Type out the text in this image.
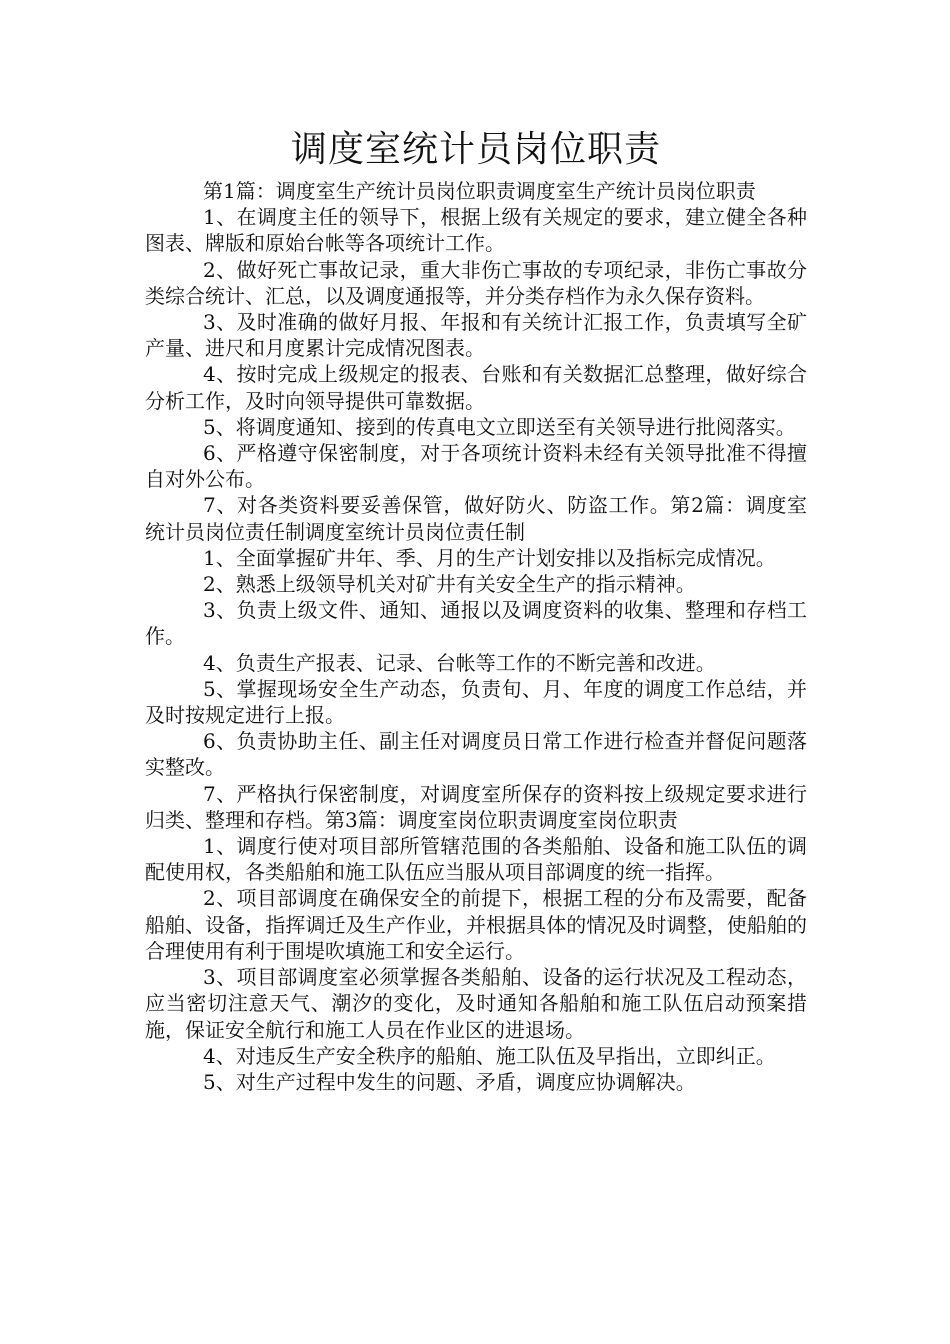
调度室统计员岗位职责

第1篇：调度室生产统计员岗位职责调度室生产统计员岗位职责

1、在调度主任的领导下，根据上级有关规定的要求，建立健全各种图表、牌版和原始台帐等各项统计工作。

2、做好死亡事故记录，重大非伤亡事故的专项纪录，非伤亡事故分类综合统计、汇总，以及调度通报等，并分类存档作为永久保存资料。

3、及时准确的做好月报、年报和有关统计汇报工作，负责填写全矿产量、进尺和月度累计完成情况图表。

4、按时完成上级规定的报表、台账和有关数据汇总整理，做好综合分析工作，及时向领导提供可靠数据。

5、将调度通知、接到的传真电文立即送至有关领导进行批阅落实。

6、严格遵守保密制度，对于各项统计资料未经有关领导批准不得擅自对外公布。

7、对各类资料要妥善保管，做好防火、防盗工作。第2篇：调度室统计员岗位责任制调度室统计员岗位责任制

1、全面掌握矿井年、季、月的生产计划安排以及指标完成情况。

2、熟悉上级领导机关对矿井有关安全生产的指示精神。

3、负责上级文件、通知、通报以及调度资料的收集、整理和存档工作。

4、负责生产报表、记录、台帐等工作的不断完善和改进。

5、掌握现场安全生产动态，负责旬、月、年度的调度工作总结，并及时按规定进行上报。

6、负责协助主任、副主任对调度员日常工作进行检查并督促问题落实整改。

7、严格执行保密制度，对调度室所保存的资料按上级规定要求进行归类、整理和存档。第3篇：调度室岗位职责调度室岗位职责

1、调度行使对项目部所管辖范围的各类船舶、设备和施工队伍的调配使用权，各类船舶和施工队伍应当服从项目部调度的统一指挥。

2、项目部调度在确保安全的前提下，根据工程的分布及需要，配备船舶、设备，指挥调迁及生产作业，并根据具体的情况及时调整，使船舶的合理使用有利于围堤吹填施工和安全运行。

3、项目部调度室必须掌握各类船舶、设备的运行状况及工程动态，应当密切注意天气、潮汐的变化，及时通知各船舶和施工队伍启动预案措施，保证安全航行和施工人员在作业区的进退场。

4、对违反生产安全秩序的船舶、施工队伍及早指出，立即纠正。

5、对生产过程中发生的问题、矛盾，调度应协调解决。
